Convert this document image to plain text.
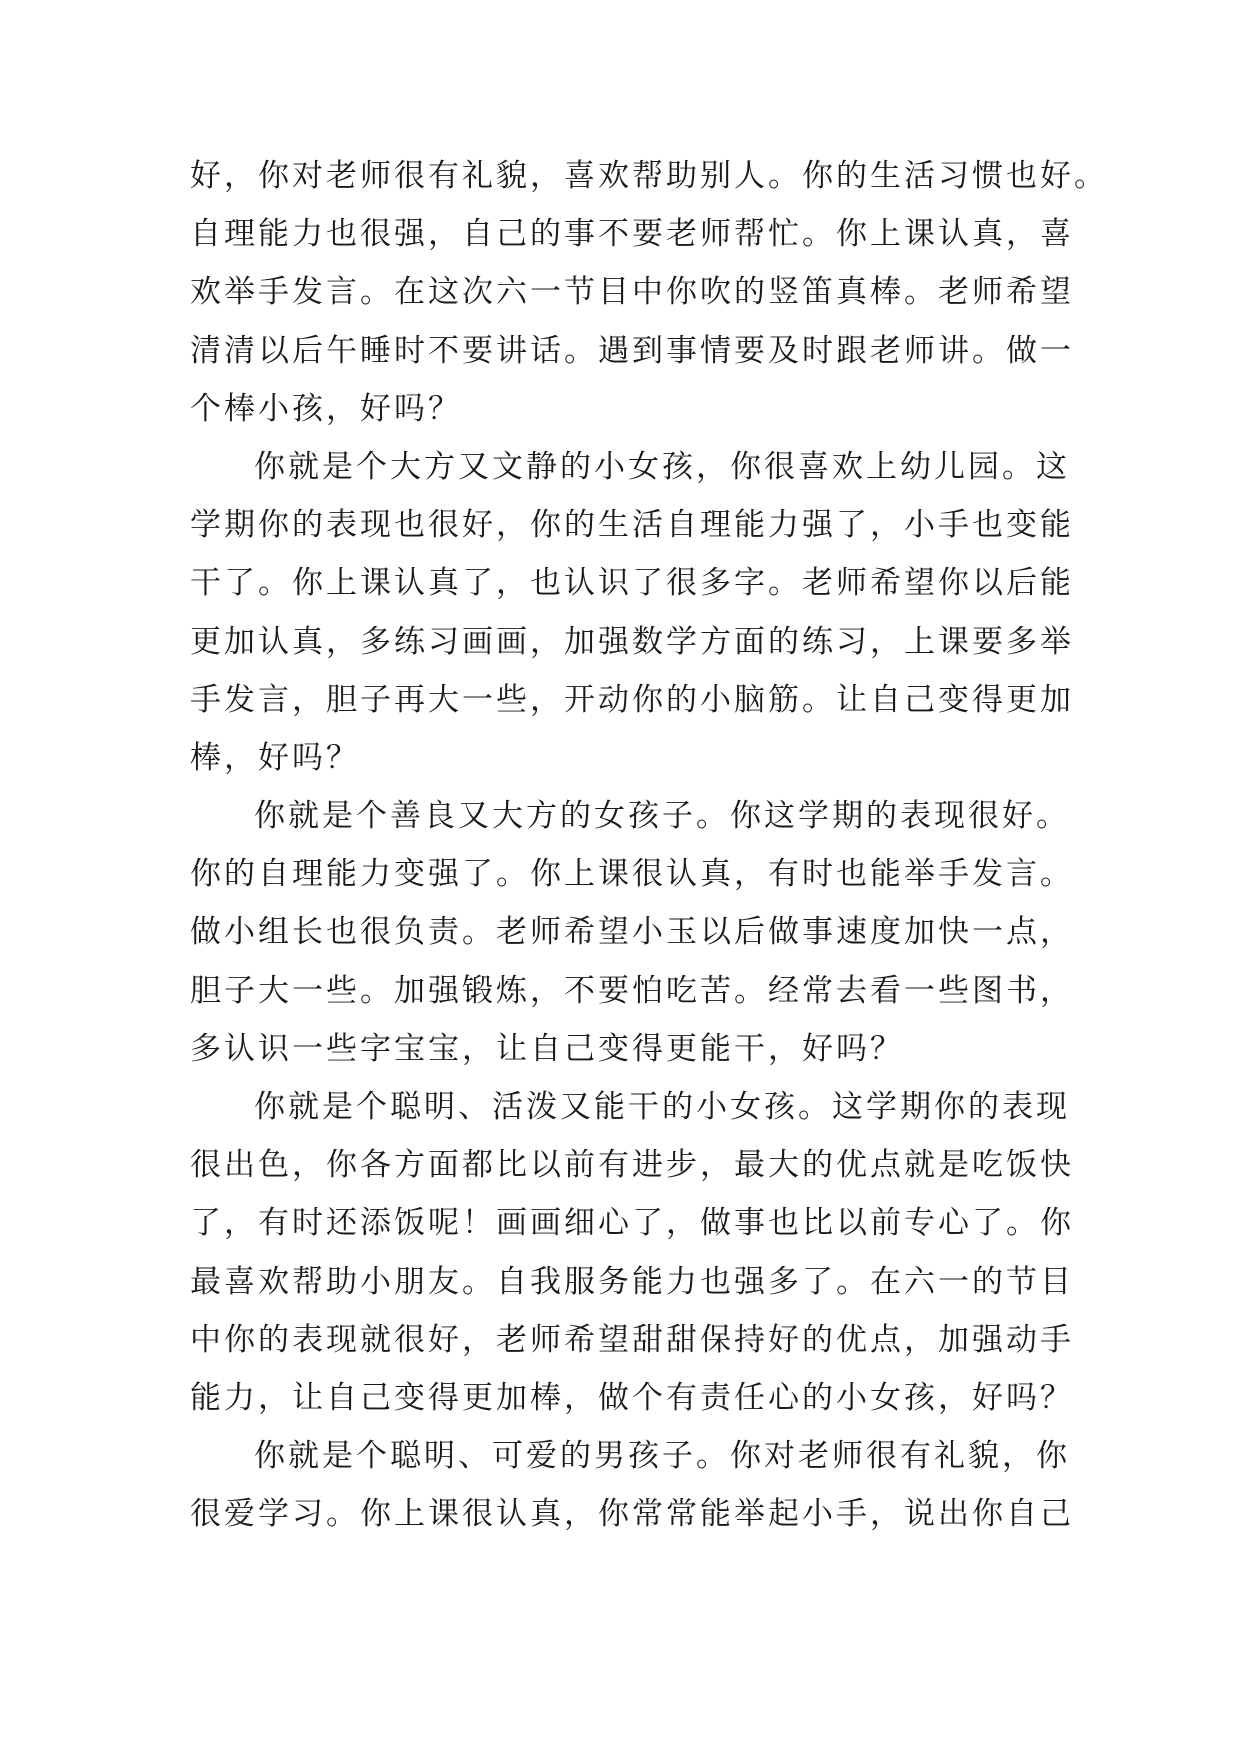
好，你对老师很有礼貌，喜欢帮助别人。你的生活习惯也好。
自理能力也很强，自己的事不要老师帮忙。你上课认真，喜
欢举手发言。在这次六一节目中你吹的竖笛真棒。老师希望
清清以后午睡时不要讲话。遇到事情要及时跟老师讲。做一
个棒小孩，好吗？
你就是个大方又文静的小女孩，你很喜欢上幼儿园。这
学期你的表现也很好，你的生活自理能力强了，小手也变能
干了。你上课认真了，也认识了很多字。老师希望你以后能
更加认真，多练习画画，加强数学方面的练习，上课要多举
手发言，胆子再大一些，开动你的小脑筋。让自己变得更加
棒，好吗？
你就是个善良又大方的女孩子。你这学期的表现很好。
你的自理能力变强了。你上课很认真，有时也能举手发言。
做小组长也很负责。老师希望小玉以后做事速度加快一点，
胆子大一些。加强锻炼，不要怕吃苦。经常去看一些图书，
多认识一些字宝宝，让自己变得更能干，好吗？
你就是个聪明、活泼又能干的小女孩。这学期你的表现
很出色，你各方面都比以前有进步，最大的优点就是吃饭快
了，有时还添饭呢！画画细心了，做事也比以前专心了。你
最喜欢帮助小朋友。自我服务能力也强多了。在六一的节目
中你的表现就很好，老师希望甜甜保持好的优点，加强动手
能力，让自己变得更加棒，做个有责任心的小女孩，好吗？
你就是个聪明、可爱的男孩子。你对老师很有礼貌，你
很爱学习。你上课很认真，你常常能举起小手，说出你自己
